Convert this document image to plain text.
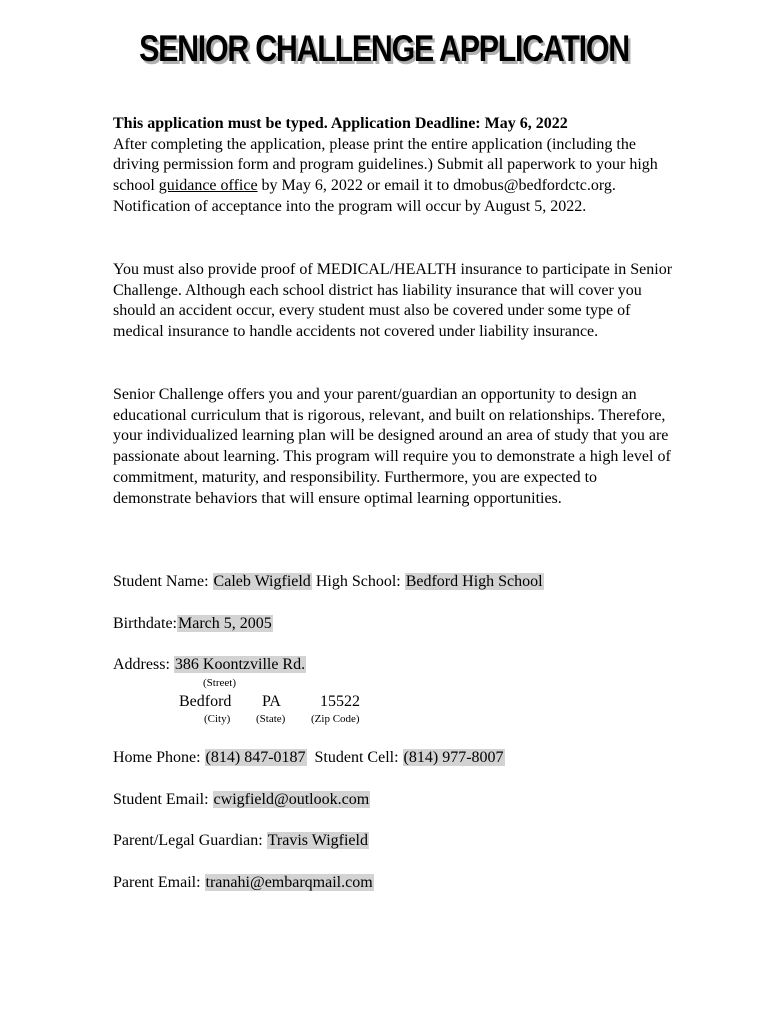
SENIOR CHALLENGE APPLICATION
This application must be typed. Application Deadline: May 6, 2022
After completing the application, please print the entire application (including the driving permission form and program guidelines.) Submit all paperwork to your high school guidance office by May 6, 2022 or email it to dmobus@bedfordctc.org. Notification of acceptance into the program will occur by August 5, 2022.
You must also provide proof of MEDICAL/HEALTH insurance to participate in Senior Challenge. Although each school district has liability insurance that will cover you should an accident occur, every student must also be covered under some type of medical insurance to handle accidents not covered under liability insurance.
Senior Challenge offers you and your parent/guardian an opportunity to design an educational curriculum that is rigorous, relevant, and built on relationships. Therefore, your individualized learning plan will be designed around an area of study that you are passionate about learning. This program will require you to demonstrate a high level of commitment, maturity, and responsibility. Furthermore, you are expected to demonstrate behaviors that will ensure optimal learning opportunities.
Student Name: Caleb Wigfield High School: Bedford High School
Birthdate:March 5, 2005
Address: 386 Koontzville Rd.
(Street)
Bedford PA 15522
(City) (State) (Zip Code)
Home Phone: (814) 847-0187 Student Cell: (814) 977-8007
Student Email: cwigfield@outlook.com
Parent/Legal Guardian: Travis Wigfield
Parent Email: tranahi@embarqmail.com
